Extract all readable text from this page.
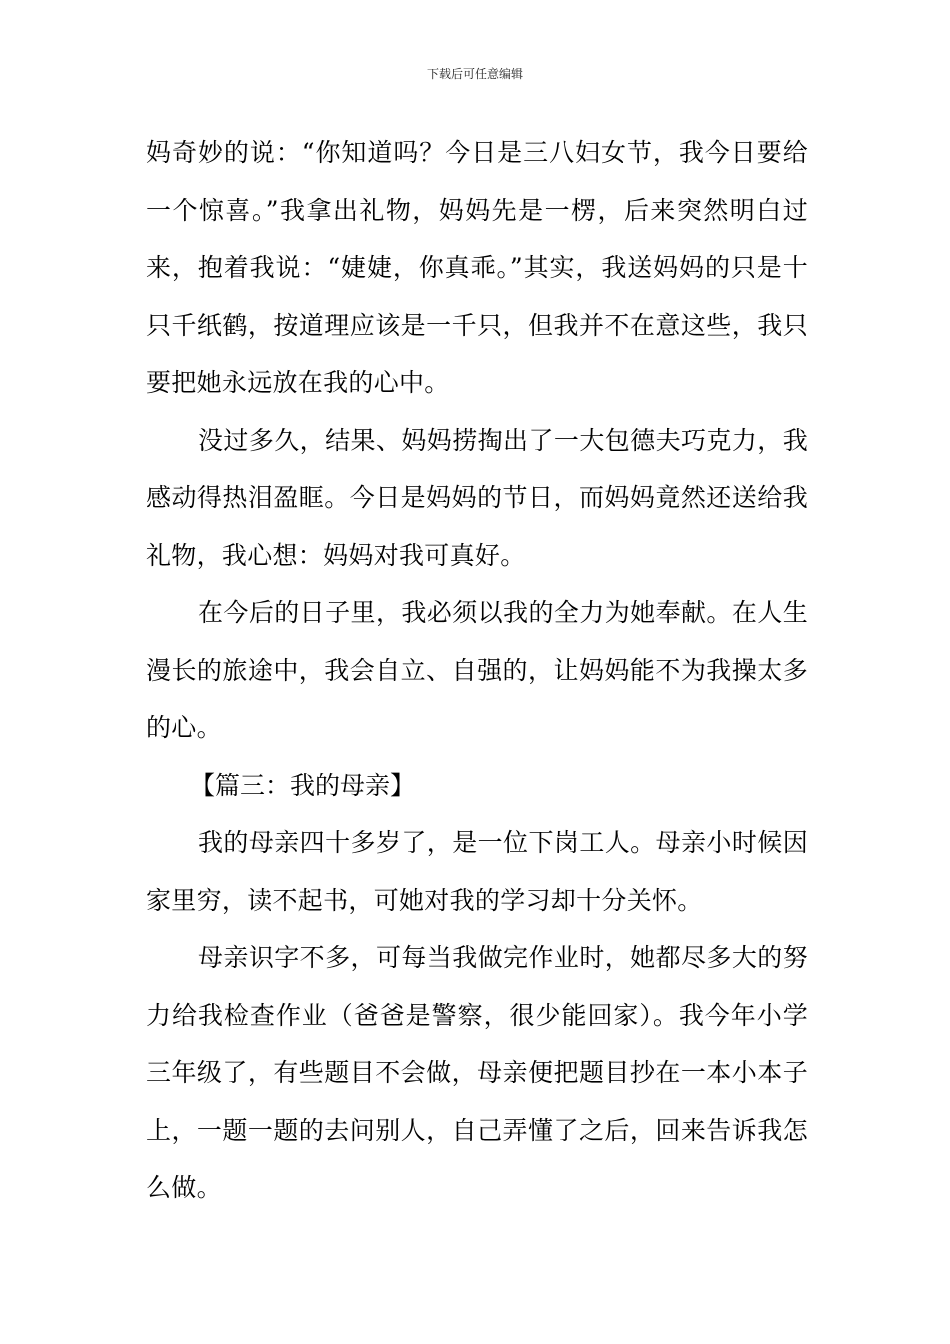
下载后可任意编辑

妈奇妙的说：“你知道吗？今日是三八妇女节，我今日要给一个惊喜。”我拿出礼物，妈妈先是一楞，后来突然明白过来，抱着我说：“婕婕，你真乖。”其实，我送妈妈的只是十只千纸鹤，按道理应该是一千只，但我并不在意这些，我只要把她永远放在我的心中。

没过多久，结果、妈妈捞掏出了一大包德夫巧克力，我感动得热泪盈眶。今日是妈妈的节日，而妈妈竟然还送给我礼物，我心想：妈妈对我可真好。

在今后的日子里，我必须以我的全力为她奉献。在人生漫长的旅途中，我会自立、自强的，让妈妈能不为我操太多的心。

【篇三：我的母亲】

我的母亲四十多岁了，是一位下岗工人。母亲小时候因家里穷，读不起书，可她对我的学习却十分关怀。

母亲识字不多，可每当我做完作业时，她都尽多大的努力给我检查作业（爸爸是警察，很少能回家）。我今年小学三年级了，有些题目不会做，母亲便把题目抄在一本小本子上，一题一题的去问别人，自己弄懂了之后，回来告诉我怎么做。
